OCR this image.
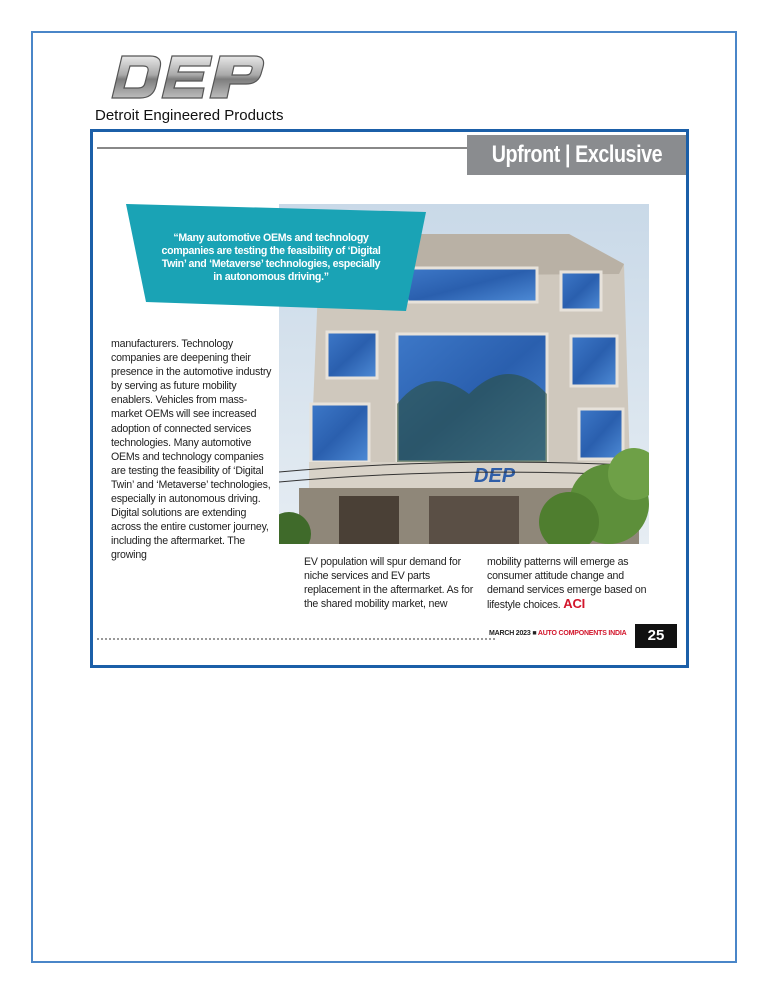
Detroit Engineered Products
Upfront | Exclusive
DEP
“Many automotive OEMs and technology companies are testing the feasibility of ‘Digital Twin’ and ‘Metaverse’ technologies, especially in autonomous driving.”
manufacturers. Technology companies are deepening their presence in the automotive industry by serving as future mobility enablers. Vehicles from mass-market OEMs will see increased adoption of connected services technologies. Many automotive OEMs and technology companies are testing the feasibility of ‘Digital Twin’ and ‘Metaverse’ technologies, especially in autonomous driving. Digital solutions are extending across the entire customer journey, including the aftermarket. The growing
EV population will spur demand for niche services and EV parts replacement in the aftermarket. As for the shared mobility market, new
mobility patterns will emerge as consumer attitude change and demand services emerge based on lifestyle choices. ACI
MARCH 2023 ■ AUTO COMPONENTS INDIA	25
